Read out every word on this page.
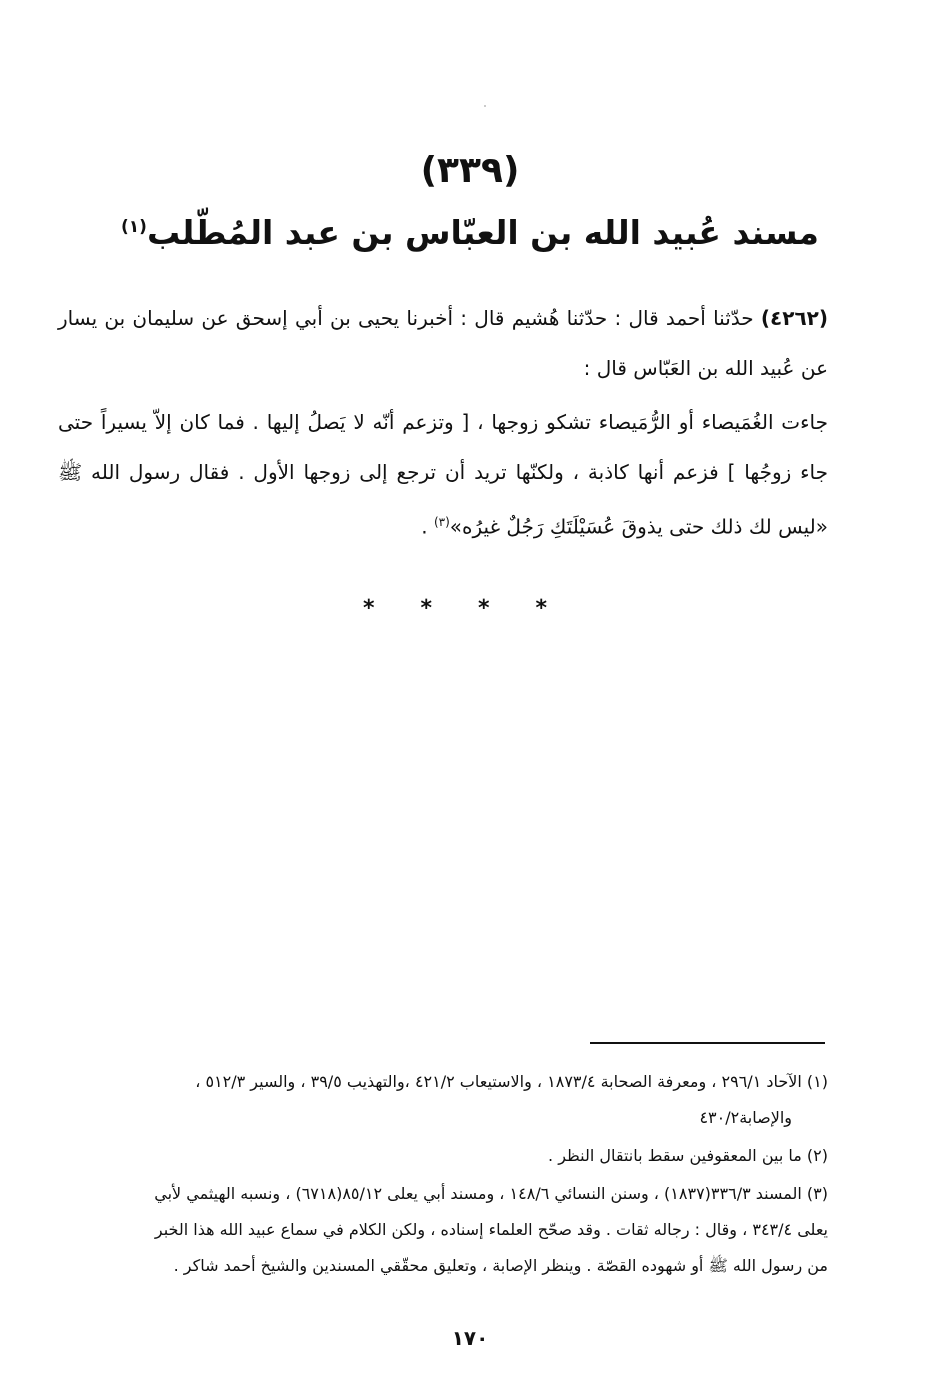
(٣٣٩)
مسند عُبيد الله بن العبّاس بن عبد المُطّلب$^{(١)}$

(٤٢٦٢) حدّثنا أحمد قال : حدّثنا هُشيم قال : أخبرنا يحيى بن أبي إسحق عن سليمان بن يسار عن عُبيد الله بن العَبّاس قال :

جاءت الغُمَيصاء أو الرُّمَيصاء تشكو زوجها ، [ وتزعم أنّه لا يَصلُ إليها . فما كان إلاّ يسيراً حتى جاء زوجُها ] فزعم أنها كاذبة ، ولكنّها تريد أن ترجع إلى زوجها الأول . فقال رسول الله ﷺ «ليس لك ذلك حتى يذوقَ عُسَيْلَتَكِ رَجُلٌ غيرُه»$^{(٣)}$ .

* * * *

(١) الآحاد ٢٩٦/١ ، ومعرفة الصحابة ١٨٧٣/٤ ، والاستيعاب ٤٢١/٢ ،والتهذيب ٣٩/٥ ، والسير ٥١٢/٣ ،
والإصابة٤٣٠/٢

(٢) ما بين المعقوفين سقط بانتقال النظر .

(٣) المسند ٣٣٦/٣(١٨٣٧) ، وسنن النسائي ١٤٨/٦ ، ومسند أبي يعلى ٨٥/١٢(٦٧١٨) ، ونسبه الهيثمي لأبي
يعلى ٣٤٣/٤ ، وقال : رجاله ثقات . وقد صحّح العلماء إسناده ، ولكن الكلام في سماع عبيد الله هذا الخبر
من رسول الله ﷺ أو شهوده القصّة . وينظر الإصابة ، وتعليق محقّقي المسندين والشيخ أحمد شاكر .

١٧٠
